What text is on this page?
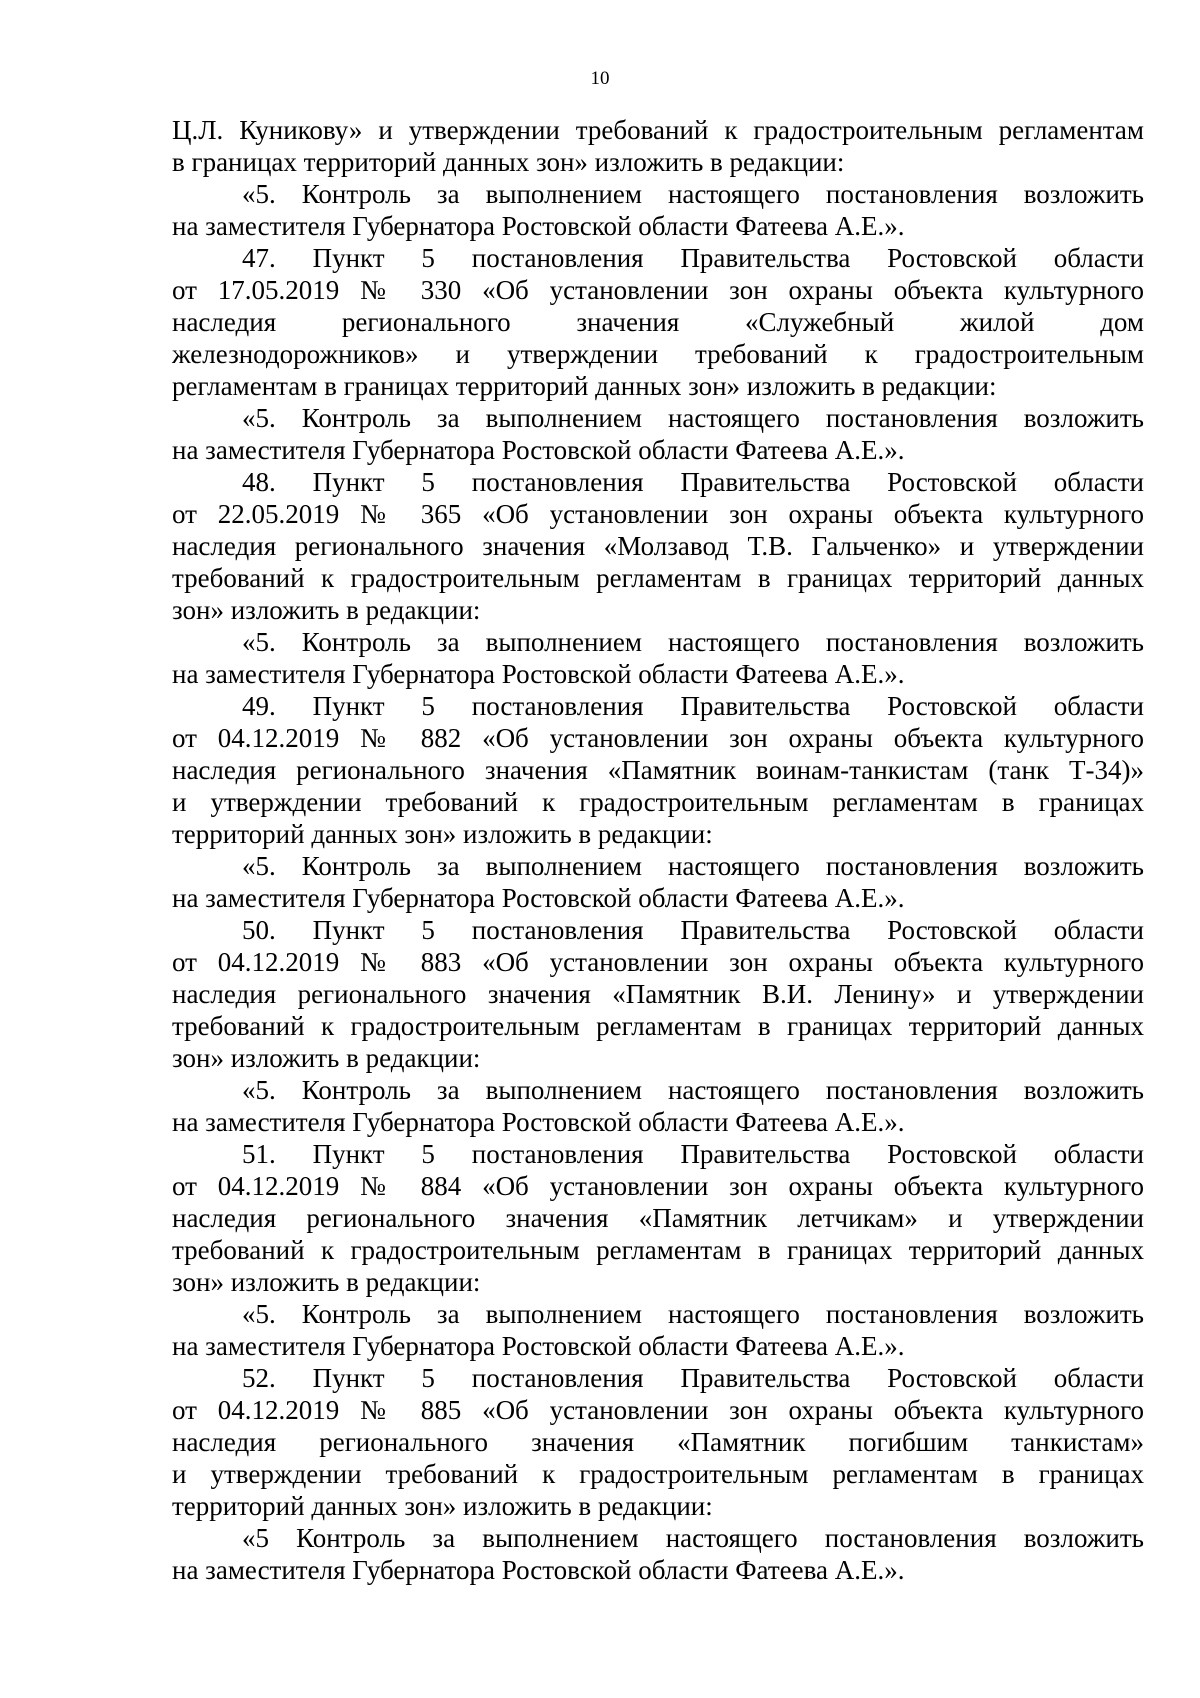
10
Ц.Л. Куникову» и утверждении требований к градостроительным регламентам
в границах территорий данных зон» изложить в редакции:
«5. Контроль за выполнением настоящего постановления возложить
на заместителя Губернатора Ростовской области Фатеева А.Е.».
47. Пункт 5 постановления Правительства Ростовской области
от 17.05.2019 № 330 «Об установлении зон охраны объекта культурного
наследия регионального значения «Служебный жилой дом
железнодорожников» и утверждении требований к градостроительным
регламентам в границах территорий данных зон» изложить в редакции:
«5. Контроль за выполнением настоящего постановления возложить
на заместителя Губернатора Ростовской области Фатеева А.Е.».
48. Пункт 5 постановления Правительства Ростовской области
от 22.05.2019 № 365 «Об установлении зон охраны объекта культурного
наследия регионального значения «Молзавод Т.В. Гальченко» и утверждении
требований к градостроительным регламентам в границах территорий данных
зон» изложить в редакции:
«5. Контроль за выполнением настоящего постановления возложить
на заместителя Губернатора Ростовской области Фатеева А.Е.».
49. Пункт 5 постановления Правительства Ростовской области
от 04.12.2019 № 882 «Об установлении зон охраны объекта культурного
наследия регионального значения «Памятник воинам-танкистам (танк Т-34)»
и утверждении требований к градостроительным регламентам в границах
территорий данных зон» изложить в редакции:
«5. Контроль за выполнением настоящего постановления возложить
на заместителя Губернатора Ростовской области Фатеева А.Е.».
50. Пункт 5 постановления Правительства Ростовской области
от 04.12.2019 № 883 «Об установлении зон охраны объекта культурного
наследия регионального значения «Памятник В.И. Ленину» и утверждении
требований к градостроительным регламентам в границах территорий данных
зон» изложить в редакции:
«5. Контроль за выполнением настоящего постановления возложить
на заместителя Губернатора Ростовской области Фатеева А.Е.».
51. Пункт 5 постановления Правительства Ростовской области
от 04.12.2019 № 884 «Об установлении зон охраны объекта культурного
наследия регионального значения «Памятник летчикам» и утверждении
требований к градостроительным регламентам в границах территорий данных
зон» изложить в редакции:
«5. Контроль за выполнением настоящего постановления возложить
на заместителя Губернатора Ростовской области Фатеева А.Е.».
52. Пункт 5 постановления Правительства Ростовской области
от 04.12.2019 № 885 «Об установлении зон охраны объекта культурного
наследия регионального значения «Памятник погибшим танкистам»
и утверждении требований к градостроительным регламентам в границах
территорий данных зон» изложить в редакции:
«5 Контроль за выполнением настоящего постановления возложить
на заместителя Губернатора Ростовской области Фатеева А.Е.».
